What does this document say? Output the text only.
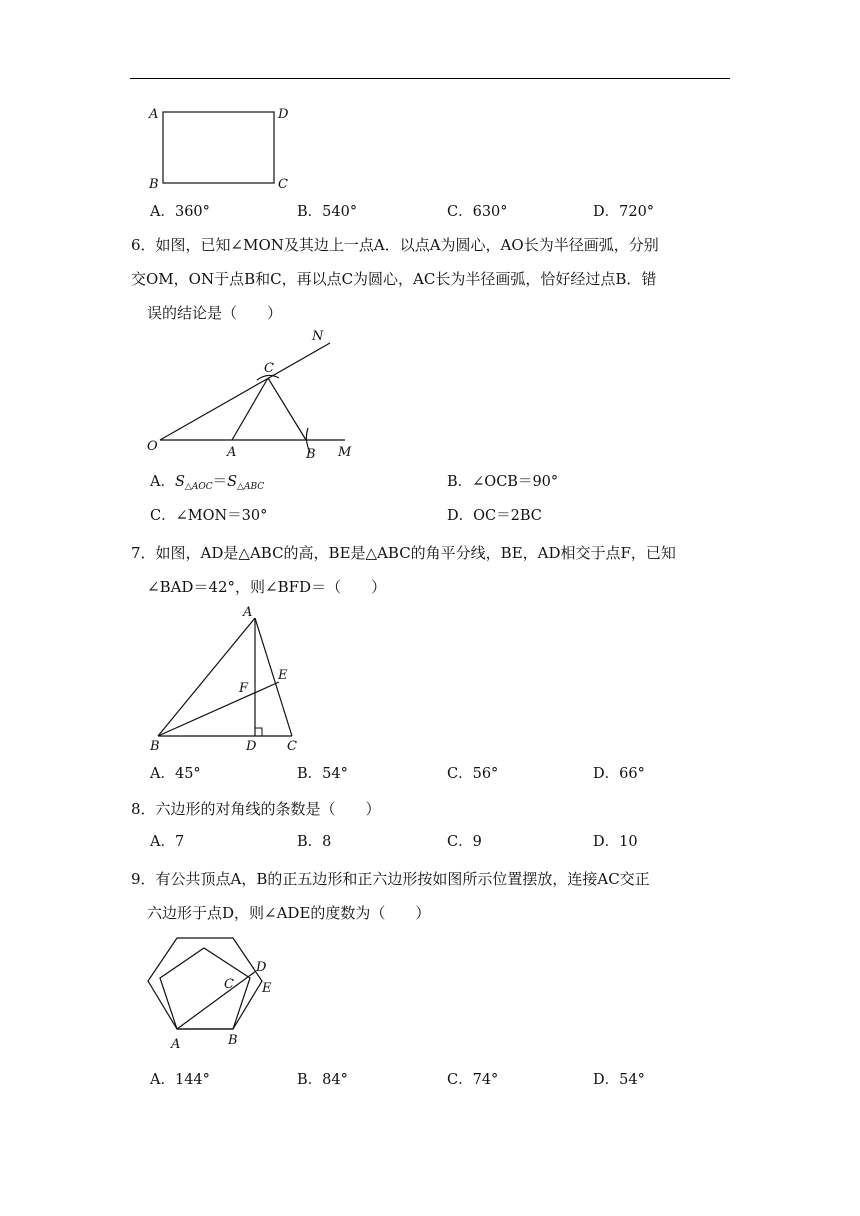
A	D
B	C
A．360°	B．540°	C．630°	D．720°
6．如图，已知∠MON及其边上一点A．以点A为圆心，AO长为半径画弧，分别
交OM，ON于点B和C，再以点C为圆心，AC长为半径画弧，恰好经过点B．错
误的结论是（　　）
N
C
O	A	B M
A．$S_{\triangle AOC}=S_{\triangle ABC}$	B．∠OCB＝90°
C．∠MON＝30°	D．OC＝2BC
7．如图，AD是△ABC的高，BE是△ABC的角平分线，BE，AD相交于点F，已知
∠BAD＝42°，则∠BFD＝（　　）
A
E
F
B	D C
A．45°	B．54°	C．56°	D．66°
8．六边形的对角线的条数是（　　）
A．7	B．8	C．9	D．10
9．有公共顶点A，B的正五边形和正六边形按如图所示位置摆放，连接AC交正
六边形于点D，则∠ADE的度数为（　　）
C
D
E
A	B
A．144°	B．84°	C．74°	D．54°
